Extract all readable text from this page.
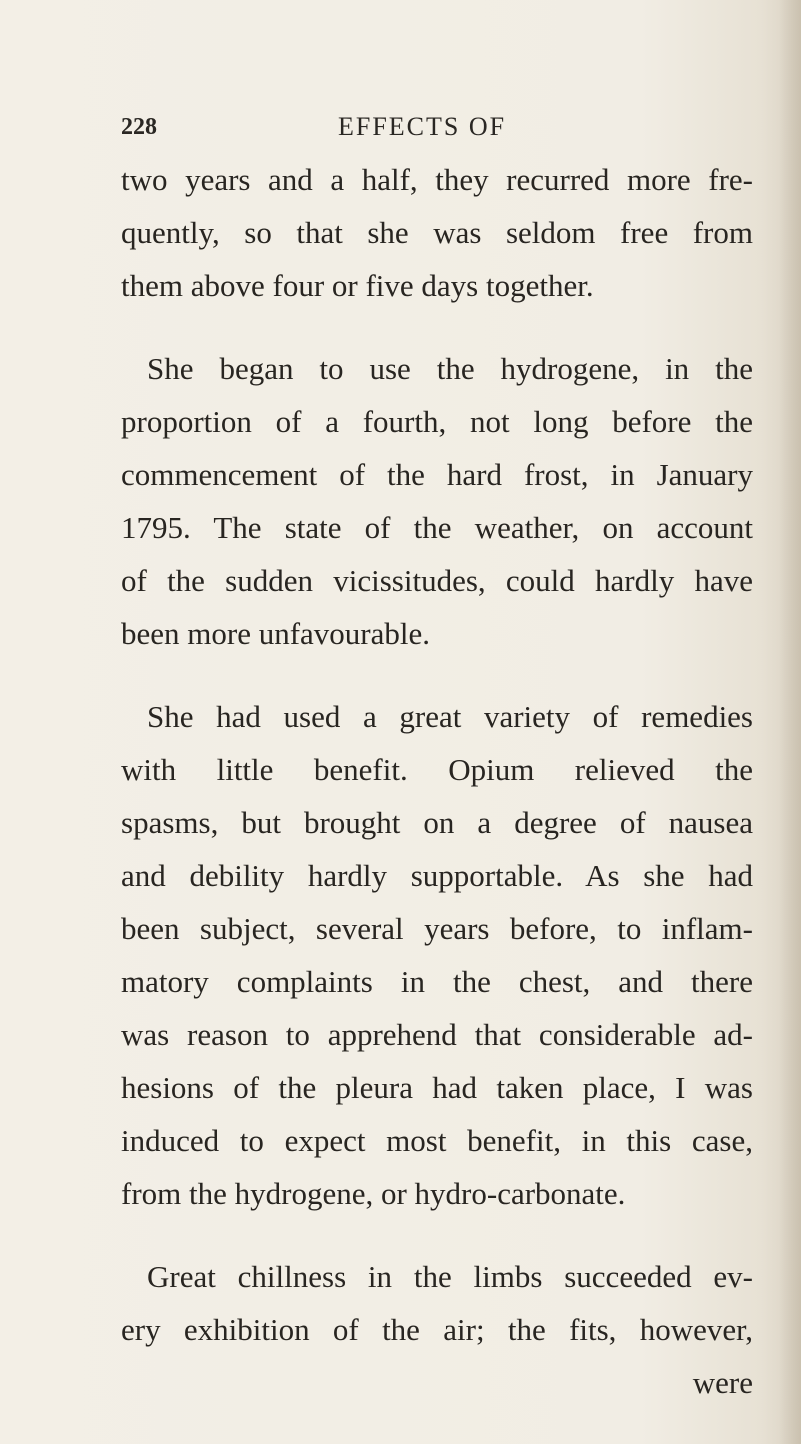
228	EFFECTS OF
two years and a half, they recurred more fre-
quently, so that she was seldom free from
them above four or five days together.
She began to use the hydrogene, in the
proportion of a fourth, not long before the
commencement of the hard frost, in January
1795. The state of the weather, on account
of the sudden vicissitudes, could hardly have
been more unfavourable.
She had used a great variety of remedies
with little benefit. Opium relieved the
spasms, but brought on a degree of nausea
and debility hardly supportable. As she had
been subject, several years before, to inflam-
matory complaints in the chest, and there
was reason to apprehend that considerable ad-
hesions of the pleura had taken place, I was
induced to expect most benefit, in this case,
from the hydrogene, or hydro-carbonate.
Great chillness in the limbs succeeded ev-
ery exhibition of the air; the fits, however,
were
